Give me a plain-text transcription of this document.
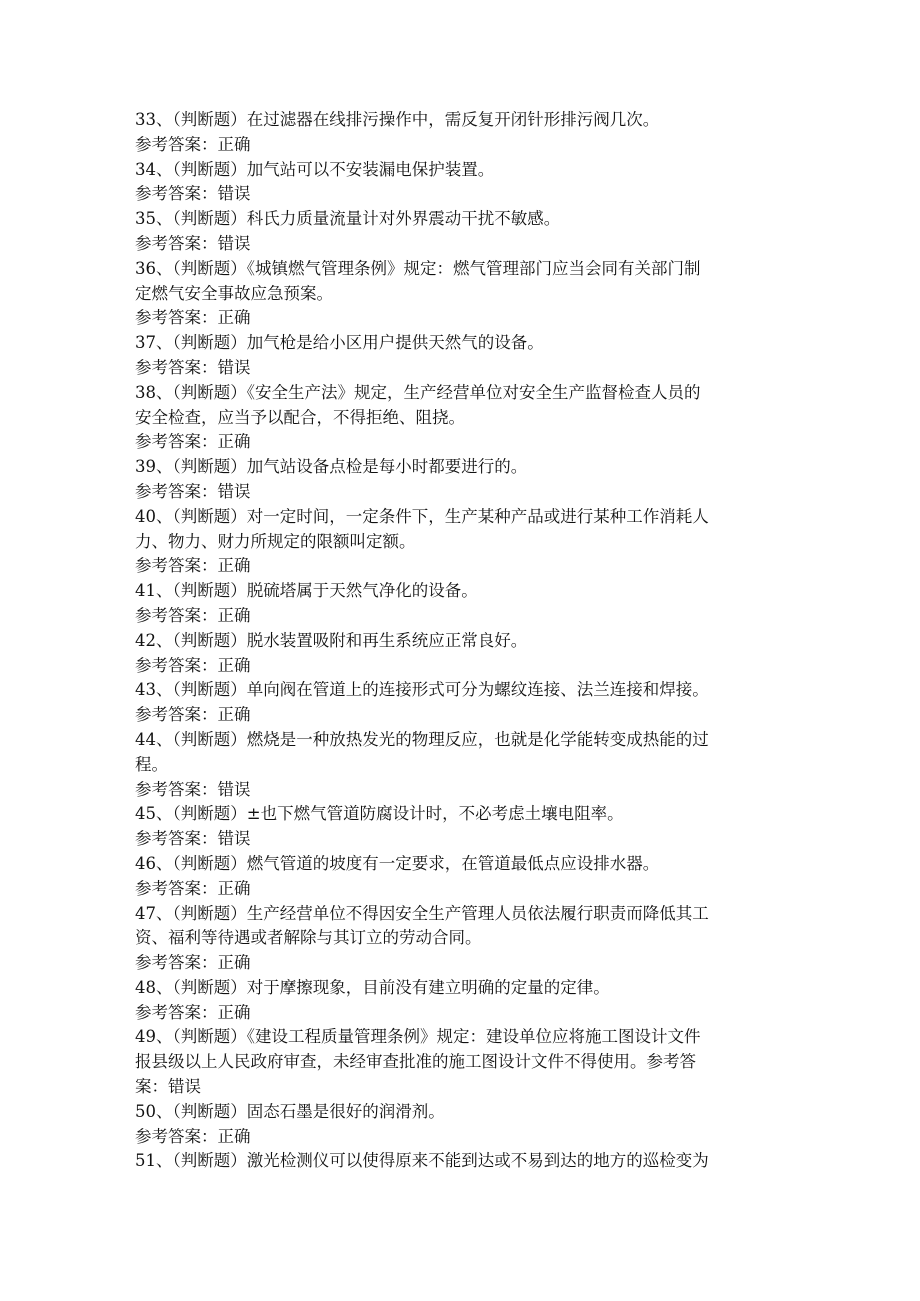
33、（判断题）在过滤器在线排污操作中，需反复开闭针形排污阀几次。
参考答案：正确
34、（判断题）加气站可以不安装漏电保护装置。
参考答案：错误
35、（判断题）科氏力质量流量计对外界震动干扰不敏感。
参考答案：错误
36、（判断题）《城镇燃气管理条例》规定：燃气管理部门应当会同有关部门制
定燃气安全事故应急预案。
参考答案：正确
37、（判断题）加气枪是给小区用户提供天然气的设备。
参考答案：错误
38、（判断题）《安全生产法》规定，生产经营单位对安全生产监督检查人员的
安全检查，应当予以配合，不得拒绝、阻挠。
参考答案：正确
39、（判断题）加气站设备点检是每小时都要进行的。
参考答案：错误
40、（判断题）对一定时间，一定条件下，生产某种产品或进行某种工作消耗人
力、物力、财力所规定的限额叫定额。
参考答案：正确
41、（判断题）脱硫塔属于天然气净化的设备。
参考答案：正确
42、（判断题）脱水装置吸附和再生系统应正常良好。
参考答案：正确
43、（判断题）单向阀在管道上的连接形式可分为螺纹连接、法兰连接和焊接。
参考答案：正确
44、（判断题）燃烧是一种放热发光的物理反应，也就是化学能转变成热能的过
程。
参考答案：错误
45、（判断题）±也下燃气管道防腐设计时，不必考虑土壤电阻率。
参考答案：错误
46、（判断题）燃气管道的坡度有一定要求，在管道最低点应设排水器。
参考答案：正确
47、（判断题）生产经营单位不得因安全生产管理人员依法履行职责而降低其工
资、福利等待遇或者解除与其订立的劳动合同。
参考答案：正确
48、（判断题）对于摩擦现象，目前没有建立明确的定量的定律。
参考答案：正确
49、（判断题）《建设工程质量管理条例》规定：建设单位应将施工图设计文件
报县级以上人民政府审查，未经审查批准的施工图设计文件不得使用。参考答
案：错误
50、（判断题）固态石墨是很好的润滑剂。
参考答案：正确
51、（判断题）激光检测仪可以使得原来不能到达或不易到达的地方的巡检变为
